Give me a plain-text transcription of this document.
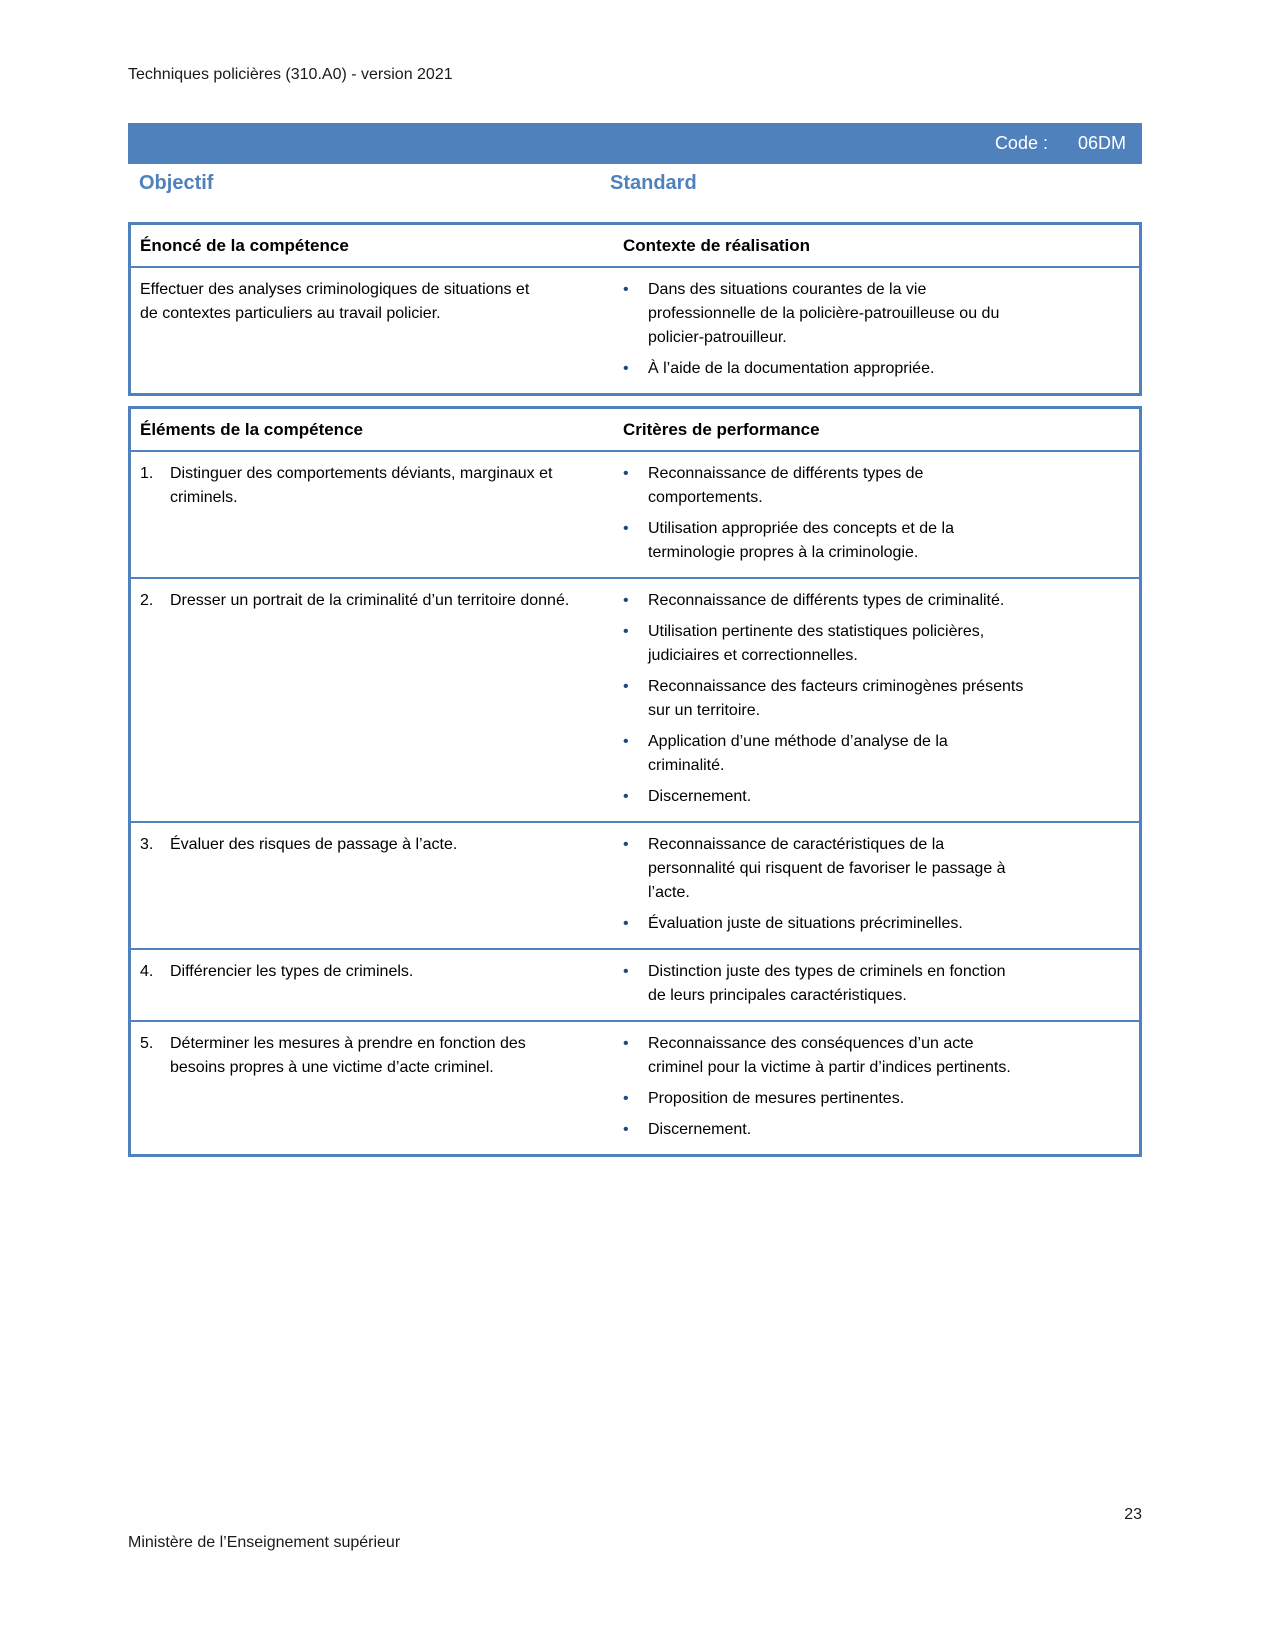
Techniques policières (310.A0) - version 2021
Code : 06DM
Objectif	Standard
Énoncé de la compétence	Contexte de réalisation
Effectuer des analyses criminologiques de situations et de contextes particuliers au travail policier.
•	Dans des situations courantes de la vie professionnelle de la policière-patrouilleuse ou du policier-patrouilleur.
•	À l’aide de la documentation appropriée.
Éléments de la compétence	Critères de performance
1.	Distinguer des comportements déviants, marginaux et criminels.
•	Reconnaissance de différents types de comportements.
•	Utilisation appropriée des concepts et de la terminologie propres à la criminologie.
2.	Dresser un portrait de la criminalité d’un territoire donné.	•	Reconnaissance de différents types de criminalité.
•	Utilisation pertinente des statistiques policières, judiciaires et correctionnelles.
•	Reconnaissance des facteurs criminogènes présents sur un territoire.
•	Application d’une méthode d’analyse de la criminalité.
•	Discernement.
3.	Évaluer des risques de passage à l’acte.	•	Reconnaissance de caractéristiques de la personnalité qui risquent de favoriser le passage à l’acte.
•	Évaluation juste de situations précriminelles.
4.	Différencier les types de criminels.	•	Distinction juste des types de criminels en fonction de leurs principales caractéristiques.
5.	Déterminer les mesures à prendre en fonction des besoins propres à une victime d’acte criminel.
•	Reconnaissance des conséquences d’un acte criminel pour la victime à partir d’indices pertinents.
•	Proposition de mesures pertinentes.
•	Discernement.
23
Ministère de l’Enseignement supérieur
